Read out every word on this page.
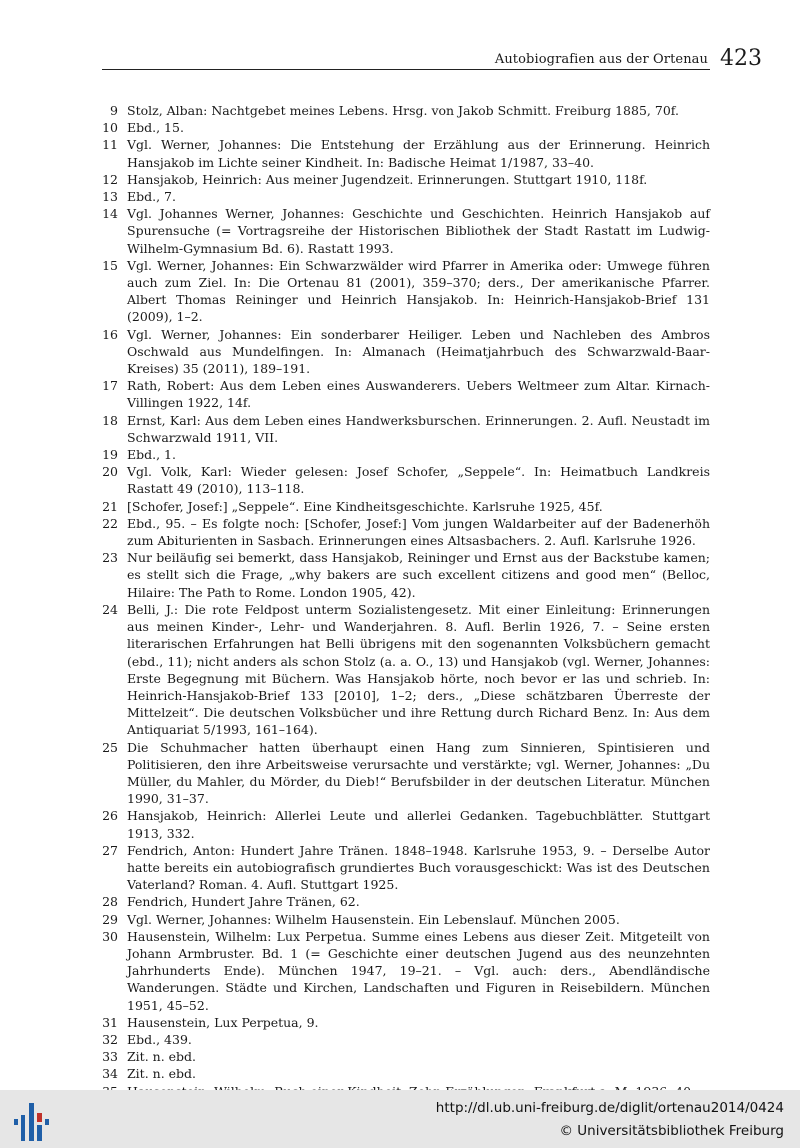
Autobiografien aus der Ortenau 423
9 Stolz, Alban: Nachtgebet meines Lebens. Hrsg. von Jakob Schmitt. Freiburg 1885, 70f.
10 Ebd., 15.
11 Vgl. Werner, Johannes: Die Entstehung der Erzählung aus der Erinnerung. Heinrich Hansjakob im Lichte seiner Kindheit. In: Badische Heimat 1/1987, 33–40.
12 Hansjakob, Heinrich: Aus meiner Jugendzeit. Erinnerungen. Stuttgart 1910, 118f.
13 Ebd., 7.
14 Vgl. Johannes Werner, Johannes: Geschichte und Geschichten. Heinrich Hansjakob auf Spurensuche (= Vortragsreihe der Historischen Bibliothek der Stadt Rastatt im Ludwig-Wilhelm-Gymnasium Bd. 6). Rastatt 1993.
15 Vgl. Werner, Johannes: Ein Schwarzwälder wird Pfarrer in Amerika oder: Umwege führen auch zum Ziel. In: Die Ortenau 81 (2001), 359–370; ders., Der amerikanische Pfarrer. Albert Thomas Reininger und Heinrich Hansjakob. In: Heinrich-Hansjakob-Brief 131 (2009), 1–2.
16 Vgl. Werner, Johannes: Ein sonderbarer Heiliger. Leben und Nachleben des Ambros Oschwald aus Mundelfingen. In: Almanach (Heimatjahrbuch des Schwarzwald-Baar-Kreises) 35 (2011), 189–191.
17 Rath, Robert: Aus dem Leben eines Auswanderers. Uebers Weltmeer zum Altar. Kirnach-Villingen 1922, 14f.
18 Ernst, Karl: Aus dem Leben eines Handwerksburschen. Erinnerungen. 2. Aufl. Neustadt im Schwarzwald 1911, VII.
19 Ebd., 1.
20 Vgl. Volk, Karl: Wieder gelesen: Josef Schofer, „Seppele“. In: Heimatbuch Landkreis Rastatt 49 (2010), 113–118.
21 [Schofer, Josef:] „Seppele“. Eine Kindheitsgeschichte. Karlsruhe 1925, 45f.
22 Ebd., 95. – Es folgte noch: [Schofer, Josef:] Vom jungen Waldarbeiter auf der Badenerhöh zum Abiturienten in Sasbach. Erinnerungen eines Altsasbachers. 2. Aufl. Karlsruhe 1926.
23 Nur beiläufig sei bemerkt, dass Hansjakob, Reininger und Ernst aus der Backstube kamen; es stellt sich die Frage, „why bakers are such excellent citizens and good men“ (Belloc, Hilaire: The Path to Rome. London 1905, 42).
24 Belli, J.: Die rote Feldpost unterm Sozialistengesetz. Mit einer Einleitung: Erinnerungen aus meinen Kinder-, Lehr- und Wanderjahren. 8. Aufl. Berlin 1926, 7. – Seine ersten literarischen Erfahrungen hat Belli übrigens mit den sogenannten Volksbüchern gemacht (ebd., 11); nicht anders als schon Stolz (a. a. O., 13) und Hansjakob (vgl. Werner, Johannes: Erste Begegnung mit Büchern. Was Hansjakob hörte, noch bevor er las und schrieb. In: Heinrich-Hansjakob-Brief 133 [2010], 1–2; ders., „Diese schätzbaren Überreste der Mittelzeit“. Die deutschen Volksbücher und ihre Rettung durch Richard Benz. In: Aus dem Antiquariat 5/1993, 161–164).
25 Die Schuhmacher hatten überhaupt einen Hang zum Sinnieren, Spintisieren und Politisieren, den ihre Arbeitsweise verursachte und verstärkte; vgl. Werner, Johannes: „Du Müller, du Mahler, du Mörder, du Dieb!“ Berufsbilder in der deutschen Literatur. München 1990, 31–37.
26 Hansjakob, Heinrich: Allerlei Leute und allerlei Gedanken. Tagebuchblätter. Stuttgart 1913, 332.
27 Fendrich, Anton: Hundert Jahre Tränen. 1848–1948. Karlsruhe 1953, 9. – Derselbe Autor hatte bereits ein autobiografisch grundiertes Buch vorausgeschickt: Was ist des Deutschen Vaterland? Roman. 4. Aufl. Stuttgart 1925.
28 Fendrich, Hundert Jahre Tränen, 62.
29 Vgl. Werner, Johannes: Wilhelm Hausenstein. Ein Lebenslauf. München 2005.
30 Hausenstein, Wilhelm: Lux Perpetua. Summe eines Lebens aus dieser Zeit. Mitgeteilt von Johann Armbruster. Bd. 1 (= Geschichte einer deutschen Jugend aus des neunzehnten Jahrhunderts Ende). München 1947, 19–21. – Vgl. auch: ders., Abendländische Wanderungen. Städte und Kirchen, Landschaften und Figuren in Reisebildern. München 1951, 45–52.
31 Hausenstein, Lux Perpetua, 9.
32 Ebd., 439.
33 Zit. n. ebd.
34 Zit. n. ebd.
http://dl.ub.uni-freiburg.de/diglit/ortenau2014/0424
© Universitätsbibliothek Freiburg
